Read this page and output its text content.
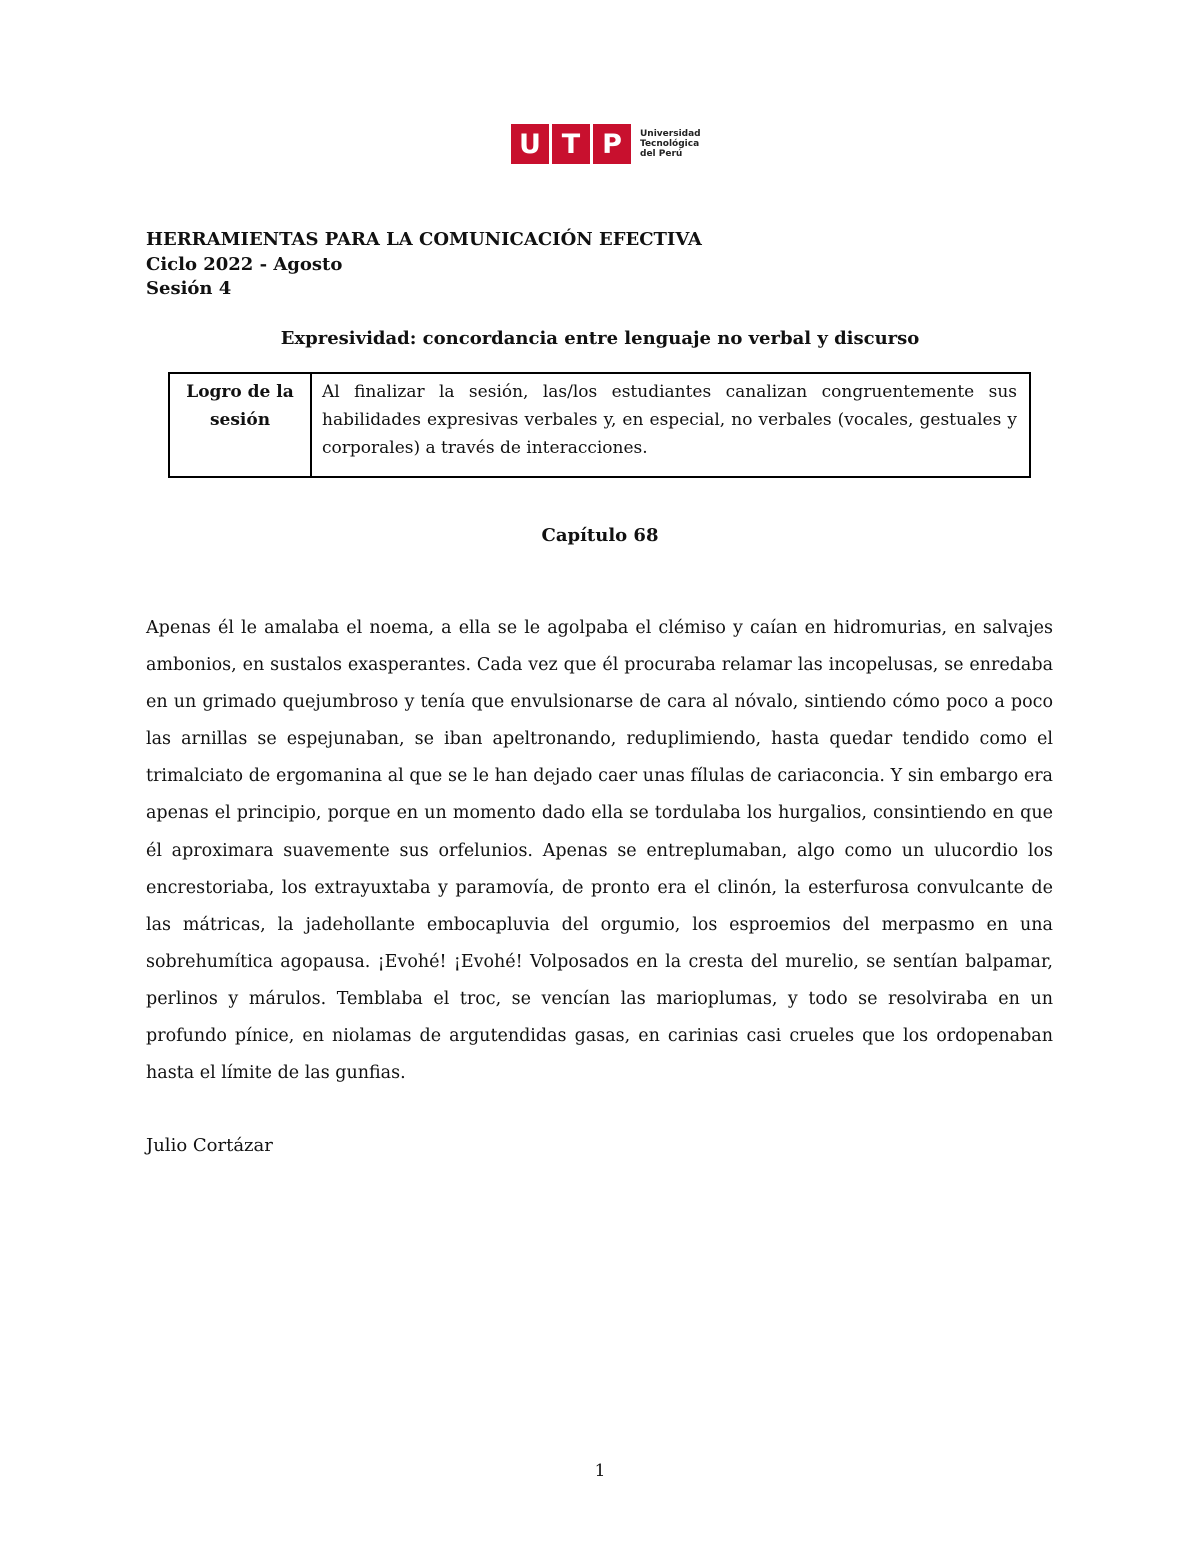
U T P	Universidad
Tecnológica
del Perú
HERRAMIENTAS PARA LA COMUNICACIÓN EFECTIVA
Ciclo 2022 - Agosto
Sesión 4
Expresividad: concordancia entre lenguaje no verbal y discurso
Logro de la sesión	Al finalizar la sesión, las/los estudiantes canalizan congruentemente sus habilidades expresivas verbales y, en especial, no verbales (vocales, gestuales y corporales) a través de interacciones.
Capítulo 68
Apenas él le amalaba el noema, a ella se le agolpaba el clémiso y caían en hidromurias, en salvajes ambonios, en sustalos exasperantes. Cada vez que él procuraba relamar las incopelusas, se enredaba en un grimado quejumbroso y tenía que envulsionarse de cara al nóvalo, sintiendo cómo poco a poco las arnillas se espejunaban, se iban apeltronando, reduplimiendo, hasta quedar tendido como el trimalciato de ergomanina al que se le han dejado caer unas fílulas de cariaconcia. Y sin embargo era apenas el principio, porque en un momento dado ella se tordulaba los hurgalios, consintiendo en que él aproximara suavemente sus orfelunios. Apenas se entreplumaban, algo como un ulucordio los encrestoriaba, los extrayuxtaba y paramovía, de pronto era el clinón, la esterfurosa convulcante de las mátricas, la jadehollante embocapluvia del orgumio, los esproemios del merpasmo en una sobrehumítica agopausa. ¡Evohé! ¡Evohé! Volposados en la cresta del murelio, se sentían balpamar, perlinos y márulos. Temblaba el troc, se vencían las marioplumas, y todo se resolviraba en un profundo pínice, en niolamas de argutendidas gasas, en carinias casi crueles que los ordopenaban hasta el límite de las gunfias.
Julio Cortázar
1
